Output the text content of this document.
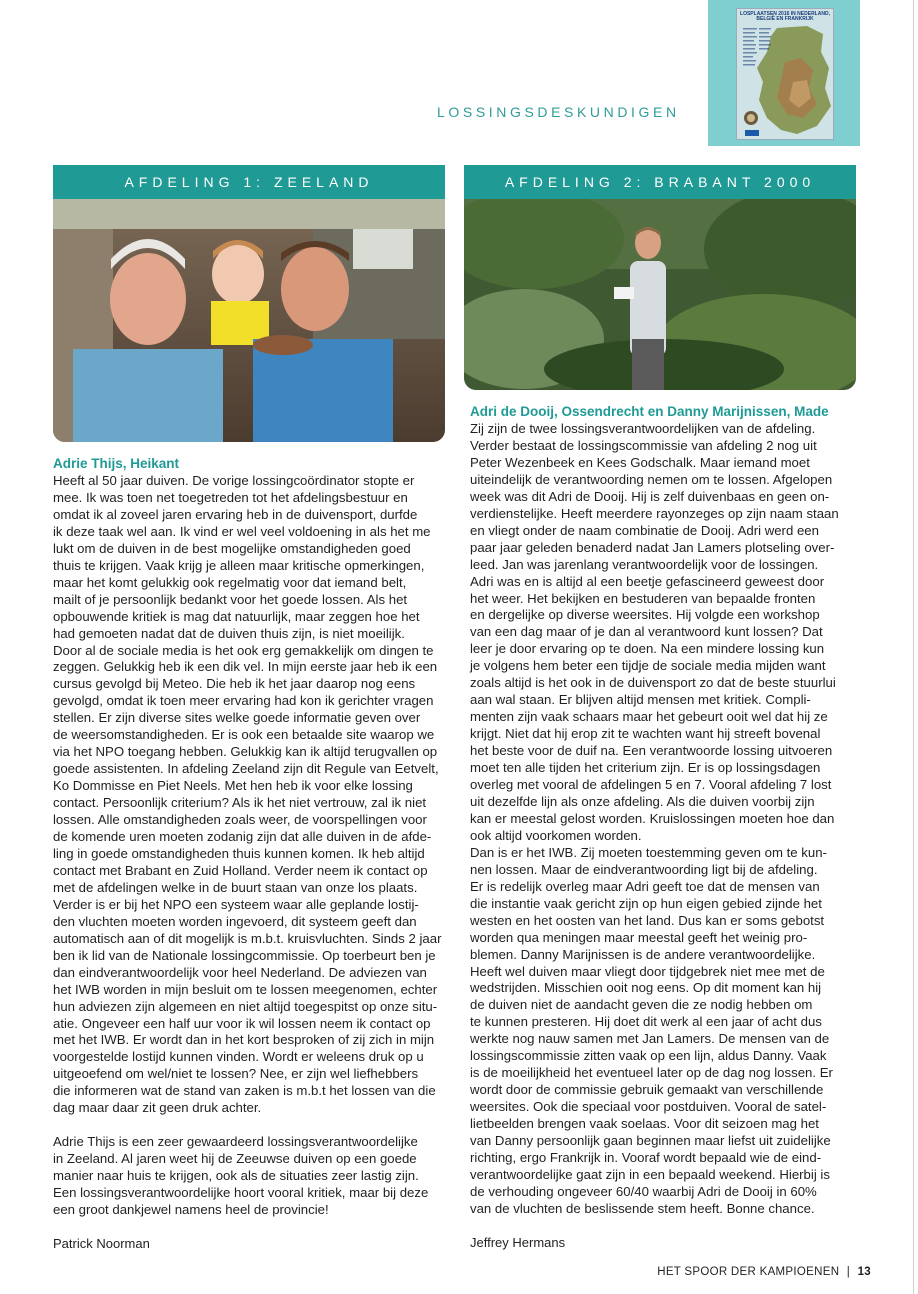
LOSSINGSDESKUNDIGEN
LOSPLAATSEN 2016 IN NEDERLAND,
BELGIË EN FRANKRIJK
AFDELING 1: ZEELAND
Adrie Thijs, Heikant
Heeft al 50 jaar duiven. De vorige lossingcoördinator stopte er
mee. Ik was toen net toegetreden tot het afdelingsbestuur en
omdat ik al zoveel jaren ervaring heb in de duivensport, durfde
ik deze taak wel aan. Ik vind er wel veel voldoening in als het me
lukt om de duiven in de best mogelijke omstandigheden goed
thuis te krijgen. Vaak krijg je alleen maar kritische opmerkingen,
maar het komt gelukkig ook regelmatig voor dat iemand belt,
mailt of je persoonlijk bedankt voor het goede lossen. Als het
opbouwende kritiek is mag dat natuurlijk, maar zeggen hoe het
had gemoeten nadat dat de duiven thuis zijn, is niet moeilijk.
Door al de sociale media is het ook erg gemakkelijk om dingen te
zeggen. Gelukkig heb ik een dik vel. In mijn eerste jaar heb ik een
cursus gevolgd bij Meteo. Die heb ik het jaar daarop nog eens
gevolgd, omdat ik toen meer ervaring had kon ik gerichter vragen
stellen. Er zijn diverse sites welke goede informatie geven over
de weersomstandigheden. Er is ook een betaalde site waarop we
via het NPO toegang hebben. Gelukkig kan ik altijd terugvallen op
goede assistenten. In afdeling Zeeland zijn dit Regule van Eetvelt,
Ko Dommisse en Piet Neels. Met hen heb ik voor elke lossing
contact. Persoonlijk criterium? Als ik het niet vertrouw, zal ik niet
lossen. Alle omstandigheden zoals weer, de voorspellingen voor
de komende uren moeten zodanig zijn dat alle duiven in de afde-
ling in goede omstandigheden thuis kunnen komen. Ik heb altijd
contact met Brabant en Zuid Holland. Verder neem ik contact op
met de afdelingen welke in de buurt staan van onze los plaats.
Verder is er bij het NPO een systeem waar alle geplande lostij-
den vluchten moeten worden ingevoerd, dit systeem geeft dan
automatisch aan of dit mogelijk is m.b.t. kruisvluchten. Sinds 2 jaar
ben ik lid van de Nationale lossingcommissie. Op toerbeurt ben je
dan eindverantwoordelijk voor heel Nederland. De adviezen van
het IWB worden in mijn besluit om te lossen meegenomen, echter
hun adviezen zijn algemeen en niet altijd toegespitst op onze situ-
atie. Ongeveer een half uur voor ik wil lossen neem ik contact op
met het IWB. Er wordt dan in het kort besproken of zij zich in mijn
voorgestelde lostijd kunnen vinden. Wordt er weleens druk op u
uitgeoefend om wel/niet te lossen? Nee, er zijn wel liefhebbers
die informeren wat de stand van zaken is m.b.t het lossen van die
dag maar daar zit geen druk achter.

Adrie Thijs is een zeer gewaardeerd lossingsverantwoordelijke
in Zeeland. Al jaren weet hij de Zeeuwse duiven op een goede
manier naar huis te krijgen, ook als de situaties zeer lastig zijn.
Een lossingsverantwoordelijke hoort vooral kritiek, maar bij deze
een groot dankjewel namens heel de provincie!
Patrick Noorman
AFDELING 2: BRABANT 2000
Adri de Dooij, Ossendrecht en Danny Marijnissen, Made
Zij zijn de twee lossingsverantwoordelijken van de afdeling.
Verder bestaat de lossingscommissie van afdeling 2 nog uit
Peter Wezenbeek en Kees Godschalk. Maar iemand moet
uiteindelijk de verantwoording nemen om te lossen. Afgelopen
week was dit Adri de Dooij. Hij is zelf duivenbaas en geen on-
verdienstelijke. Heeft meerdere rayonzeges op zijn naam staan
en vliegt onder de naam combinatie de Dooij. Adri werd een
paar jaar geleden benaderd nadat Jan Lamers plotseling over-
leed. Jan was jarenlang verantwoordelijk voor de lossingen.
Adri was en is altijd al een beetje gefascineerd geweest door
het weer. Het bekijken en bestuderen van bepaalde fronten
en dergelijke op diverse weersites. Hij volgde een workshop
van een dag maar of je dan al verantwoord kunt lossen? Dat
leer je door ervaring op te doen. Na een mindere lossing kun
je volgens hem beter een tijdje de sociale media mijden want
zoals altijd is het ook in de duivensport zo dat de beste stuurlui
aan wal staan. Er blijven altijd mensen met kritiek. Compli-
menten zijn vaak schaars maar het gebeurt ooit wel dat hij ze
krijgt. Niet dat hij erop zit te wachten want hij streeft bovenal
het beste voor de duif na. Een verantwoorde lossing uitvoeren
moet ten alle tijden het criterium zijn. Er is op lossingsdagen
overleg met vooral de afdelingen 5 en 7. Vooral afdeling 7 lost
uit dezelfde lijn als onze afdeling. Als die duiven voorbij zijn
kan er meestal gelost worden. Kruislossingen moeten hoe dan
ook altijd voorkomen worden.
Dan is er het IWB. Zij moeten toestemming geven om te kun-
nen lossen. Maar de eindverantwoording ligt bij de afdeling.
Er is redelijk overleg maar Adri geeft toe dat de mensen van
die instantie vaak gericht zijn op hun eigen gebied zijnde het
westen en het oosten van het land. Dus kan er soms gebotst
worden qua meningen maar meestal geeft het weinig pro-
blemen. Danny Marijnissen is de andere verantwoordelijke.
Heeft wel duiven maar vliegt door tijdgebrek niet mee met de
wedstrijden. Misschien ooit nog eens. Op dit moment kan hij
de duiven niet de aandacht geven die ze nodig hebben om
te kunnen presteren. Hij doet dit werk al een jaar of acht dus
werkte nog nauw samen met Jan Lamers. De mensen van de
lossingscommissie zitten vaak op een lijn, aldus Danny. Vaak
is de moeilijkheid het eventueel later op de dag nog lossen. Er
wordt door de commissie gebruik gemaakt van verschillende
weersites. Ook die speciaal voor postduiven. Vooral de satel-
lietbeelden brengen vaak soelaas. Voor dit seizoen mag het
van Danny persoonlijk gaan beginnen maar liefst uit zuidelijke
richting, ergo Frankrijk in. Vooraf wordt bepaald wie de eind-
verantwoordelijke gaat zijn in een bepaald weekend. Hierbij is
de verhouding ongeveer 60/40 waarbij Adri de Dooij in 60%
van de vluchten de beslissende stem heeft. Bonne chance.
Jeffrey Hermans
HET SPOOR DER KAMPIOENEN | 13
